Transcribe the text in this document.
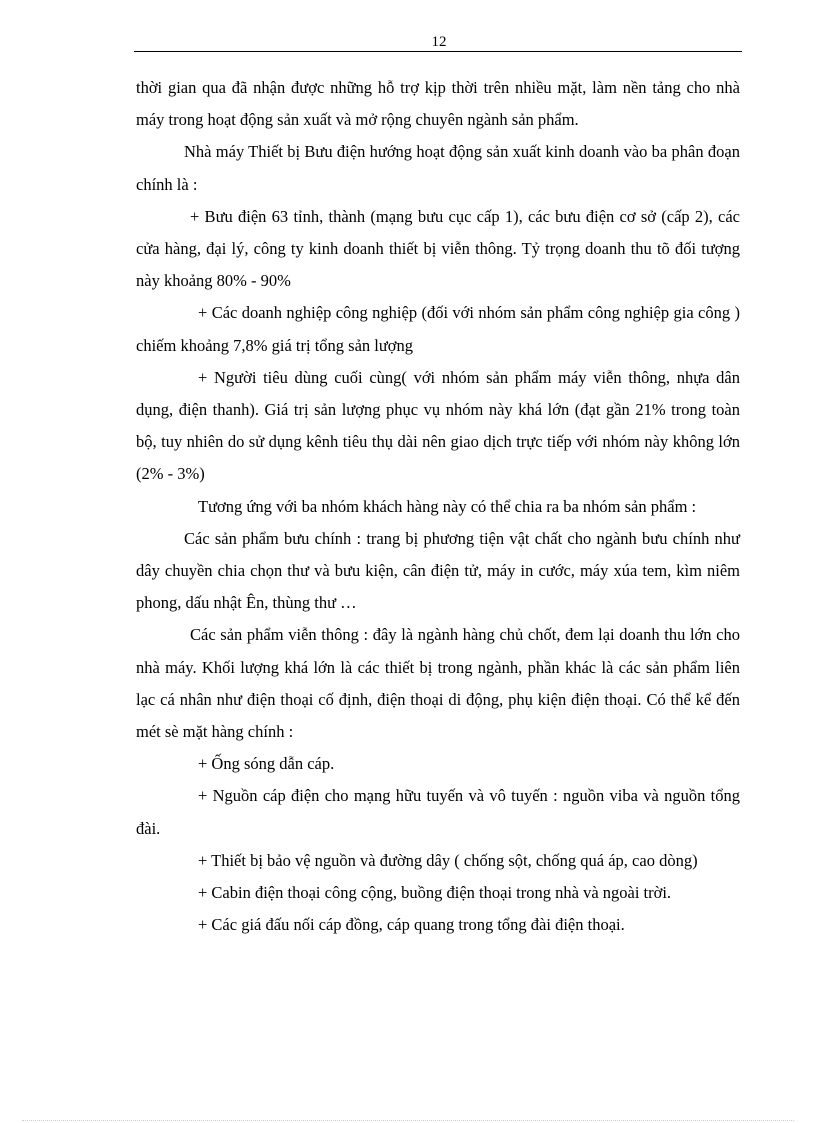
12

thời gian qua đã nhận được những hỗ trợ kịp thời trên nhiều mặt, làm nền tảng cho nhà máy trong hoạt động sản xuất và mở rộng chuyên ngành sản phẩm.

Nhà máy Thiết bị Bưu điện hướng hoạt động sản xuất kinh doanh vào ba phân đoạn chính là :

+ Bưu điện 63 tỉnh, thành (mạng bưu cục cấp 1), các bưu điện cơ sở (cấp 2), các cửa hàng, đại lý, công ty kinh doanh thiết bị viễn thông. Tỷ trọng doanh thu tõ đối tượng này khoảng 80% - 90%

+ Các doanh nghiệp công nghiệp (đối với nhóm sản phẩm công nghiệp gia công ) chiếm khoảng 7,8% giá trị tổng sản lượng

+ Người tiêu dùng cuối cùng( với nhóm sản phẩm máy viễn thông, nhựa dân dụng, điện thanh). Giá trị sản lượng phục vụ nhóm này khá lớn (đạt gần 21% trong toàn bộ, tuy nhiên do sử dụng kênh tiêu thụ dài nên giao dịch trực tiếp với nhóm này không lớn (2% - 3%)

Tương ứng với ba nhóm khách hàng này có thể chia ra ba nhóm sản phẩm :

Các sản phẩm bưu chính : trang bị phương tiện vật chất cho ngành bưu chính như dây chuyền chia chọn thư và bưu kiện, cân điện tử, máy in cước, máy xúa tem, kìm niêm phong, dấu nhật Ên, thùng thư …

Các sản phẩm viễn thông : đây là ngành hàng chủ chốt, đem lại doanh thu lớn cho nhà máy. Khối lượng khá lớn là các thiết bị trong ngành, phần khác là các sản phẩm liên lạc cá nhân như điện thoại cố định, điện thoại di động, phụ kiện điện thoại. Có thể kể đến mét sè mặt hàng chính :

+ Ống sóng dẫn cáp.

+ Nguồn cáp điện cho mạng hữu tuyến và vô tuyến : nguồn viba và nguồn tổng đài.

+ Thiết bị bảo vệ nguồn và đường dây ( chống sột, chống quá áp, cao dòng)

+ Cabin điện thoại công cộng, buồng điện thoại trong nhà và ngoài trời.

+ Các giá đấu nối cáp đồng, cáp quang trong tổng đài điện thoại.
